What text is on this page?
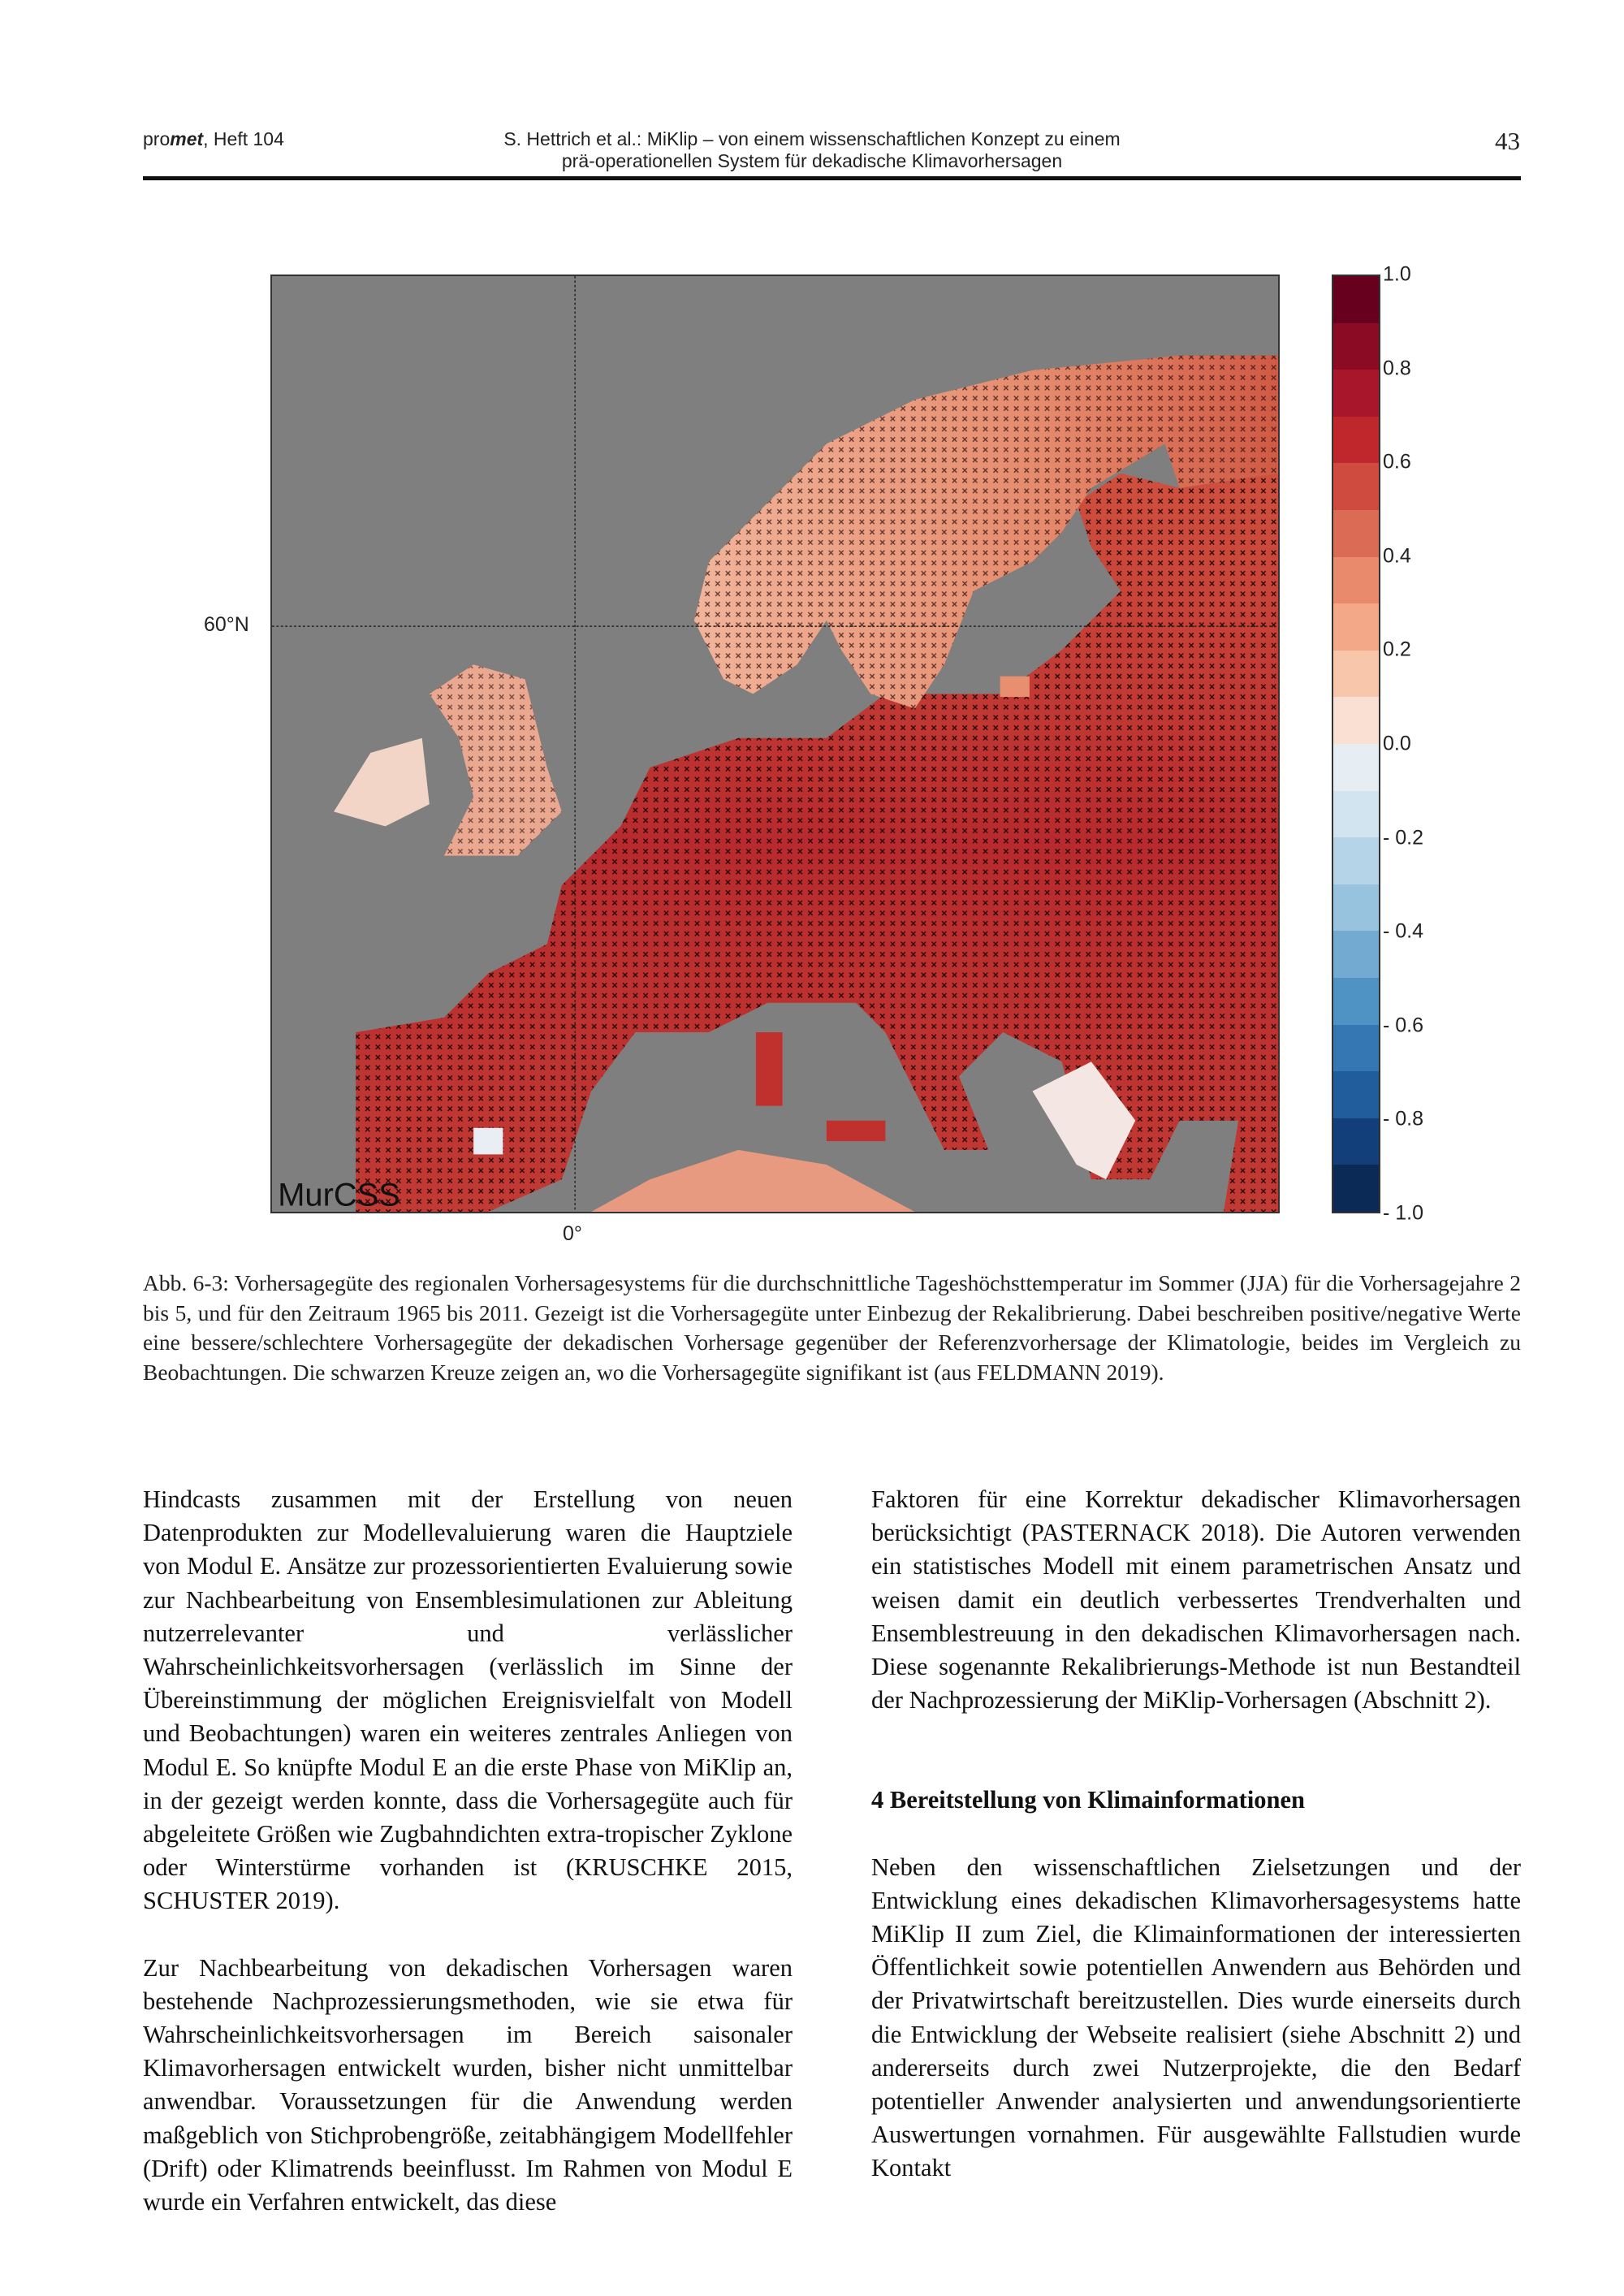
promet, Heft 104	S. Hettrich et al.: MiKlip – von einem wissenschaftlichen Konzept zu einem
prä-operationellen System für dekadische Klimavorhersagen
43
MurCSS
60°N
0°
1.0
0.8
0.6
0.4
0.2
0.0
- 0.2
- 0.4
- 0.6
- 0.8
- 1.0
Abb. 6-3: Vorhersagegüte des regionalen Vorhersagesystems für die durchschnittliche Tageshöchsttemperatur im Sommer (JJA) für die Vorhersagejahre 2 bis 5, und für den Zeitraum 1965 bis 2011. Gezeigt ist die Vorhersagegüte unter Einbezug der Rekalibrierung. Dabei beschreiben positive/negative Werte eine bessere/schlechtere Vorhersagegüte der dekadischen Vorhersage gegenüber der Referenzvorhersage der Klimatologie, beides im Vergleich zu Beobachtungen. Die schwarzen Kreuze zeigen an, wo die Vorhersagegüte signifikant ist (aus FELDMANN 2019).

Hindcasts zusammen mit der Erstellung von neuen Datenprodukten zur Modellevaluierung waren die Hauptziele von Modul E. Ansätze zur prozessorientierten Evaluierung sowie zur Nachbearbeitung von Ensemblesimulationen zur Ableitung nutzerrelevanter und verlässlicher Wahrscheinlichkeitsvorhersagen (verlässlich im Sinne der Übereinstimmung der möglichen Ereignisvielfalt von Modell und Beobachtungen) waren ein weiteres zentrales Anliegen von Modul E. So knüpfte Modul E an die erste Phase von MiKlip an, in der gezeigt werden konnte, dass die Vorhersagegüte auch für abgeleitete Größen wie Zugbahndichten extra-tropischer Zyklone oder Winterstürme vorhanden ist (KRUSCHKE 2015, SCHUSTER 2019).

Zur Nachbearbeitung von dekadischen Vorhersagen waren bestehende Nachprozessierungsmethoden, wie sie etwa für Wahrscheinlichkeitsvorhersagen im Bereich saisonaler Klimavorhersagen entwickelt wurden, bisher nicht unmittelbar anwendbar. Voraussetzungen für die Anwendung werden maßgeblich von Stichprobengröße, zeitabhängigem Modellfehler (Drift) oder Klimatrends beeinflusst. Im Rahmen von Modul E wurde ein Verfahren entwickelt, das diese

Faktoren für eine Korrektur dekadischer Klimavorhersagen berücksichtigt (PASTERNACK 2018). Die Autoren verwenden ein statistisches Modell mit einem parametrischen Ansatz und weisen damit ein deutlich verbessertes Trendverhalten und Ensemblestreuung in den dekadischen Klimavorhersagen nach. Diese sogenannte Rekalibrierungs-Methode ist nun Bestandteil der Nachprozessierung der MiKlip-Vorhersagen (Abschnitt 2).

4 Bereitstellung von Klimainformationen

Neben den wissenschaftlichen Zielsetzungen und der Entwicklung eines dekadischen Klimavorhersagesystems hatte MiKlip II zum Ziel, die Klimainformationen der interessierten Öffentlichkeit sowie potentiellen Anwendern aus Behörden und der Privatwirtschaft bereitzustellen. Dies wurde einerseits durch die Entwicklung der Webseite realisiert (siehe Abschnitt 2) und andererseits durch zwei Nutzerprojekte, die den Bedarf potentieller Anwender analysierten und anwendungsorientierte Auswertungen vornahmen. Für ausgewählte Fallstudien wurde Kontakt
